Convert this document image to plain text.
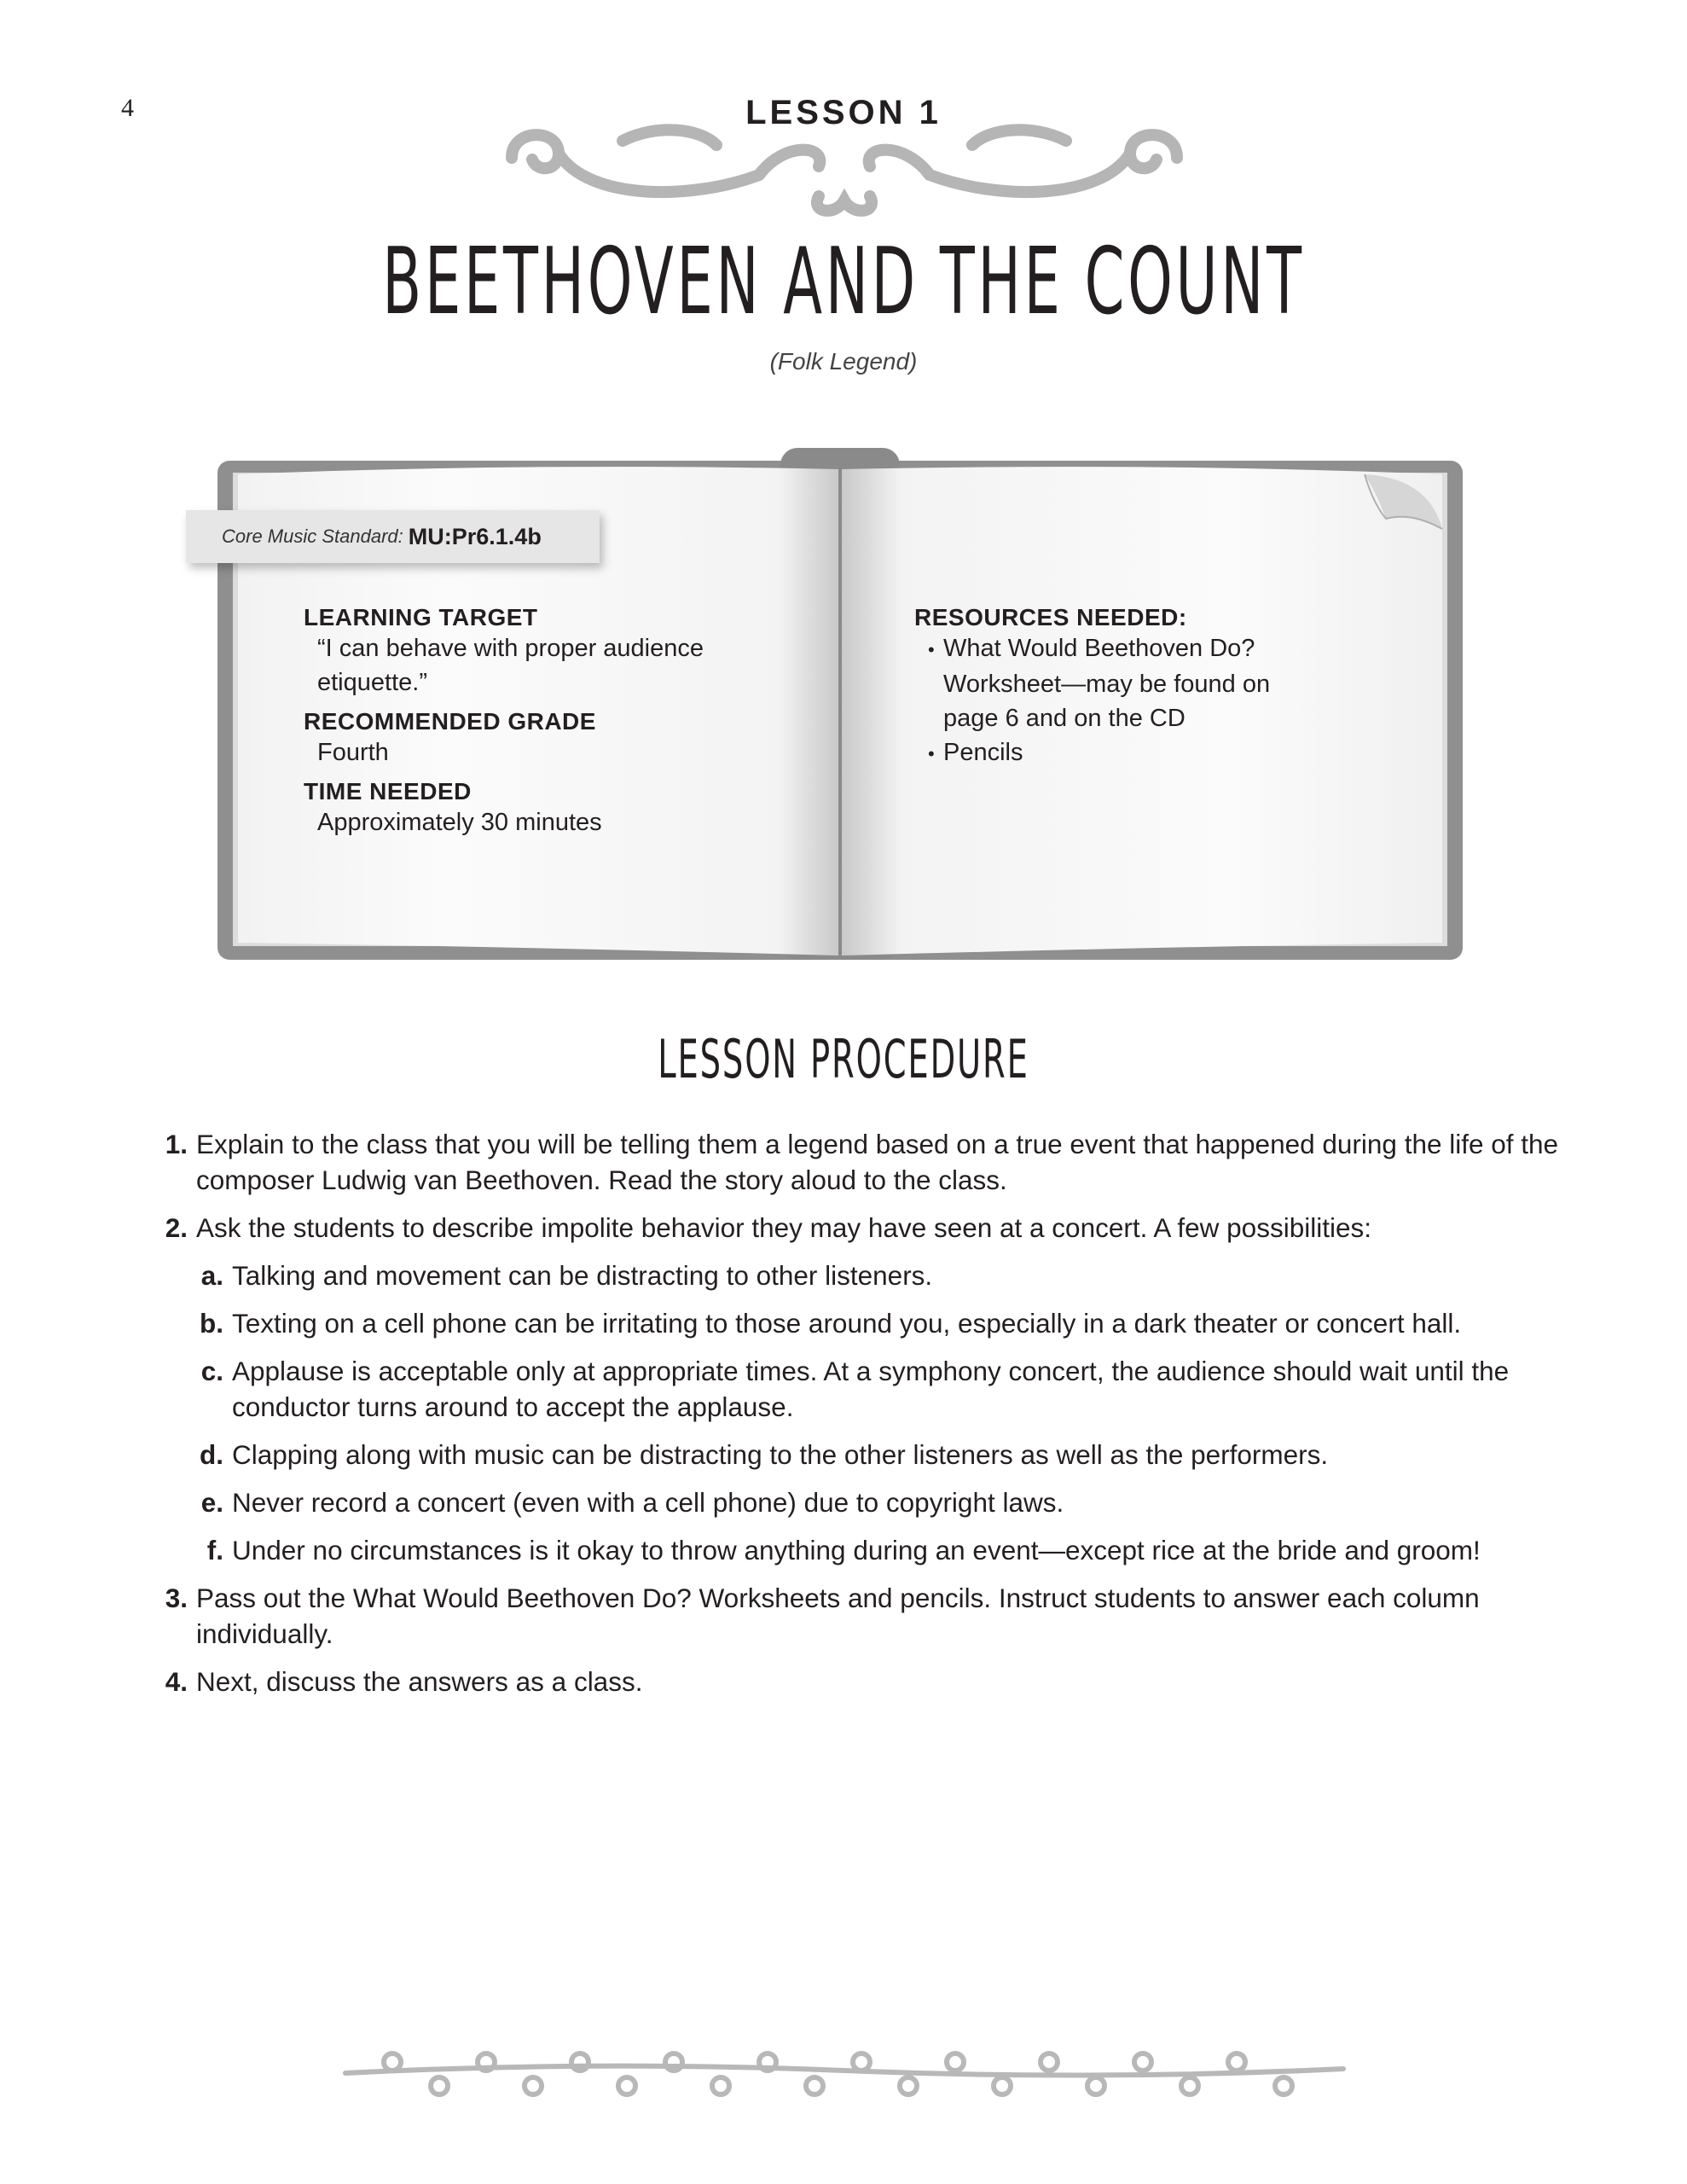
4	LESSON 1
BEETHOVEN AND THE COUNT
(Folk Legend)
Core Music Standard: MU:Pr6.1.4b
LEARNING TARGET
“I can behave with proper audience etiquette.”
RECOMMENDED GRADE
Fourth
TIME NEEDED
Approximately 30 minutes
RESOURCES NEEDED:
• What Would Beethoven Do? Worksheet—may be found on page 6 and on the CD
• Pencils
LESSON PROCEDURE
1. Explain to the class that you will be telling them a legend based on a true event that happened during the life of the composer Ludwig van Beethoven. Read the story aloud to the class.
2. Ask the students to describe impolite behavior they may have seen at a concert. A few possibilities:
a. Talking and movement can be distracting to other listeners.
b. Texting on a cell phone can be irritating to those around you, especially in a dark theater or concert hall.
c. Applause is acceptable only at appropriate times. At a symphony concert, the audience should wait until the conductor turns around to accept the applause.
d. Clapping along with music can be distracting to the other listeners as well as the performers.
e. Never record a concert (even with a cell phone) due to copyright laws.
f. Under no circumstances is it okay to throw anything during an event—except rice at the bride and groom!
3. Pass out the What Would Beethoven Do? Worksheets and pencils. Instruct students to answer each column individually.
4. Next, discuss the answers as a class.
